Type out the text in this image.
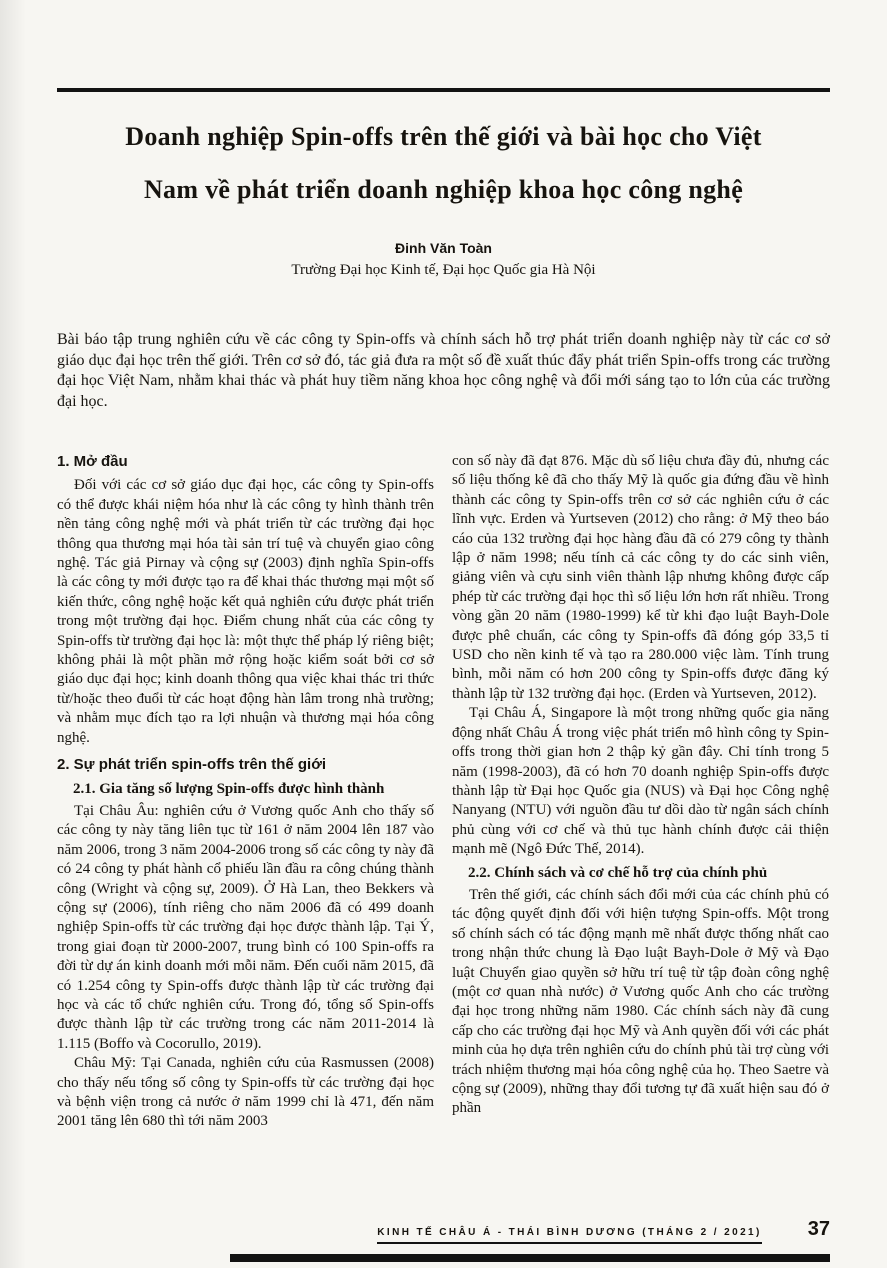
Doanh nghiệp Spin-offs trên thế giới và bài học cho Việt
Nam về phát triển doanh nghiệp khoa học công nghệ
Đinh Văn Toàn
Trường Đại học Kinh tế, Đại học Quốc gia Hà Nội

Bài báo tập trung nghiên cứu về các công ty Spin-offs và chính sách hỗ trợ phát triển doanh nghiệp này từ các cơ sở giáo dục đại học trên thế giới. Trên cơ sở đó, tác giả đưa ra một số đề xuất thúc đẩy phát triển Spin-offs trong các trường đại học Việt Nam, nhằm khai thác và phát huy tiềm năng khoa học công nghệ và đổi mới sáng tạo to lớn của các trường đại học.

1. Mở đầu

Đối với các cơ sở giáo dục đại học, các công ty Spin-offs có thể được khái niệm hóa như là các công ty hình thành trên nền tảng công nghệ mới và phát triển từ các trường đại học thông qua thương mại hóa tài sản trí tuệ và chuyển giao công nghệ. Tác giả Pirnay và cộng sự (2003) định nghĩa Spin-offs là các công ty mới được tạo ra để khai thác thương mại một số kiến thức, công nghệ hoặc kết quả nghiên cứu được phát triển trong một trường đại học. Điểm chung nhất của các công ty Spin-offs từ trường đại học là: một thực thể pháp lý riêng biệt; không phải là một phần mở rộng hoặc kiểm soát bởi cơ sở giáo dục đại học; kinh doanh thông qua việc khai thác tri thức từ/hoặc theo đuổi từ các hoạt động hàn lâm trong nhà trường; và nhằm mục đích tạo ra lợi nhuận và thương mại hóa công nghệ.

2. Sự phát triển spin-offs trên thế giới
2.1. Gia tăng số lượng Spin-offs được hình thành

Tại Châu Âu: nghiên cứu ở Vương quốc Anh cho thấy số các công ty này tăng liên tục từ 161 ở năm 2004 lên 187 vào năm 2006, trong 3 năm 2004-2006 trong số các công ty này đã có 24 công ty phát hành cổ phiếu lần đầu ra công chúng thành công (Wright và cộng sự, 2009). Ở Hà Lan, theo Bekkers và cộng sự (2006), tính riêng cho năm 2006 đã có 499 doanh nghiệp Spin-offs từ các trường đại học được thành lập. Tại Ý, trong giai đoạn từ 2000-2007, trung bình có 100 Spin-offs ra đời từ dự án kinh doanh mới mỗi năm. Đến cuối năm 2015, đã có 1.254 công ty Spin-offs được thành lập từ các trường đại học và các tổ chức nghiên cứu. Trong đó, tổng số Spin-offs được thành lập từ các trường trong các năm 2011-2014 là 1.115 (Boffo và Cocorullo, 2019).

Châu Mỹ: Tại Canada, nghiên cứu của Rasmussen (2008) cho thấy nếu tổng số công ty Spin-offs từ các trường đại học và bệnh viện trong cả nước ở năm 1999 chỉ là 471, đến năm 2001 tăng lên 680 thì tới năm 2003

con số này đã đạt 876. Mặc dù số liệu chưa đầy đủ, nhưng các số liệu thống kê đã cho thấy Mỹ là quốc gia đứng đầu về hình thành các công ty Spin-offs trên cơ sở các nghiên cứu ở các lĩnh vực. Erden và Yurtseven (2012) cho rằng: ở Mỹ theo báo cáo của 132 trường đại học hàng đầu đã có 279 công ty thành lập ở năm 1998; nếu tính cả các công ty do các sinh viên, giảng viên và cựu sinh viên thành lập nhưng không được cấp phép từ các trường đại học thì số liệu lớn hơn rất nhiều. Trong vòng gần 20 năm (1980-1999) kể từ khi đạo luật Bayh-Dole được phê chuẩn, các công ty Spin-offs đã đóng góp 33,5 tỉ USD cho nền kinh tế và tạo ra 280.000 việc làm. Tính trung bình, mỗi năm có hơn 200 công ty Spin-offs được đăng ký thành lập từ 132 trường đại học. (Erden và Yurtseven, 2012).

Tại Châu Á, Singapore là một trong những quốc gia năng động nhất Châu Á trong việc phát triển mô hình công ty Spin-offs trong thời gian hơn 2 thập kỷ gần đây. Chỉ tính trong 5 năm (1998-2003), đã có hơn 70 doanh nghiệp Spin-offs được thành lập từ Đại học Quốc gia (NUS) và Đại học Công nghệ Nanyang (NTU) với nguồn đầu tư dồi dào từ ngân sách chính phủ cùng với cơ chế và thủ tục hành chính được cải thiện mạnh mẽ (Ngô Đức Thế, 2014).

2.2. Chính sách và cơ chế hỗ trợ của chính phủ

Trên thế giới, các chính sách đổi mới của các chính phủ có tác động quyết định đối với hiện tượng Spin-offs. Một trong số chính sách có tác động mạnh mẽ nhất được thống nhất cao trong nhận thức chung là Đạo luật Bayh-Dole ở Mỹ và Đạo luật Chuyển giao quyền sở hữu trí tuệ từ tập đoàn công nghệ (một cơ quan nhà nước) ở Vương quốc Anh cho các trường đại học trong những năm 1980. Các chính sách này đã cung cấp cho các trường đại học Mỹ và Anh quyền đối với các phát minh của họ dựa trên nghiên cứu do chính phủ tài trợ cùng với trách nhiệm thương mại hóa công nghệ của họ. Theo Saetre và cộng sự (2009), những thay đổi tương tự đã xuất hiện sau đó ở phần

KINH TẾ CHÂU Á - THÁI BÌNH DƯƠNG (THÁNG 2 / 2021) 37
